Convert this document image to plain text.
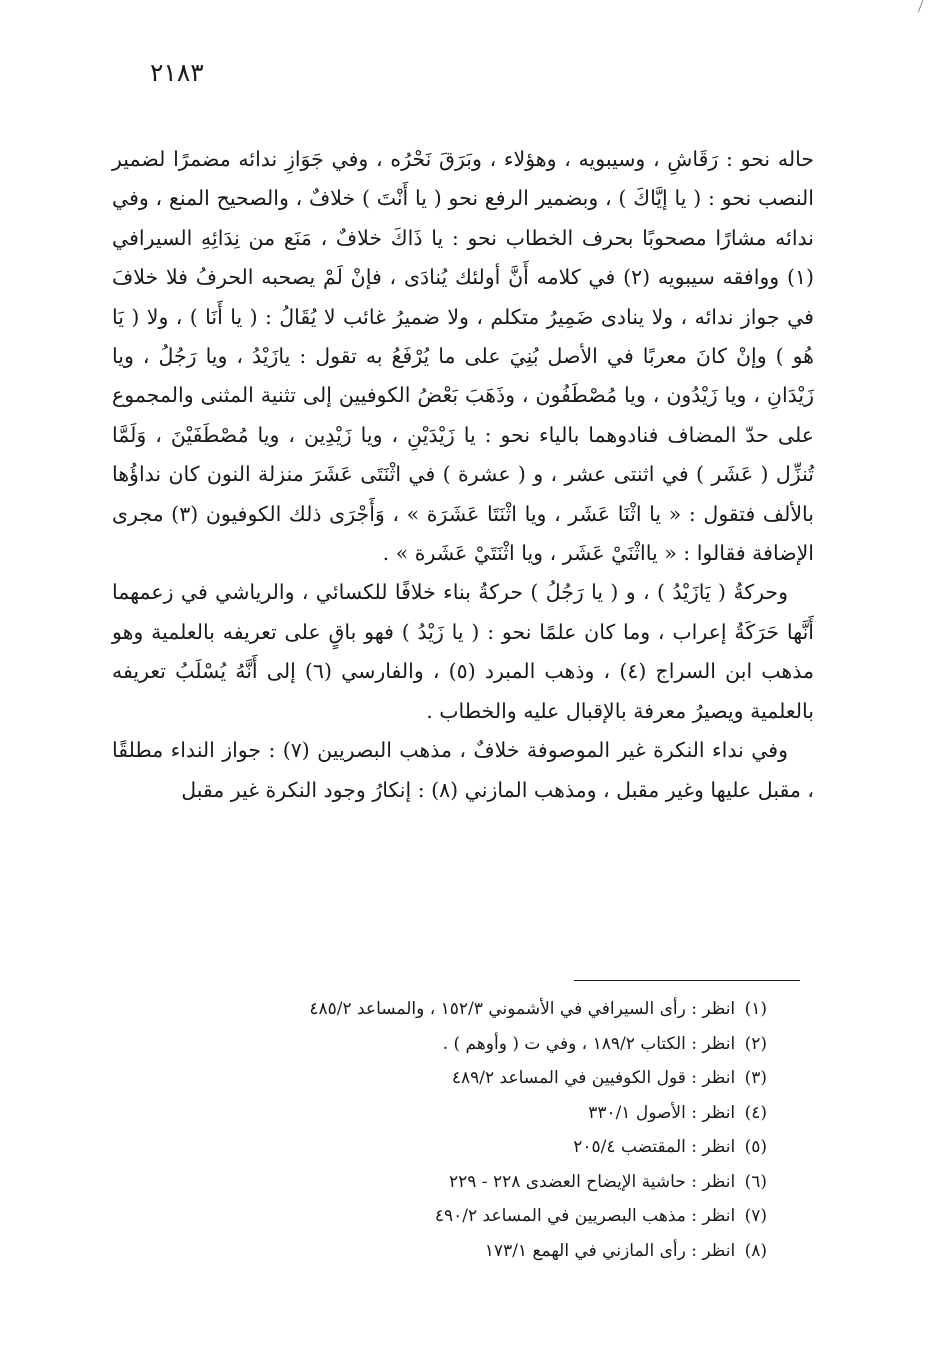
٢١٨٣

حاله نحو : رَقَاشِ ، وسيبويه ، وهؤلاء ، وبَرَقَ نَحْرُه ، وفي جَوَازِ ندائه مضمرًا لضمير النصب نحو : ( يا إيَّاكَ ) ، وبضمير الرفع نحو ( يا أَنْتَ ) خلافٌ ، والصحيح المنع ، وفي ندائه مشارًا مصحوبًا بحرف الخطاب نحو : يا ذَاكَ خلافٌ ، مَنَع من نِدَائِهِ السيرافي (١) ووافقه سيبويه (٢) في كلامه أَنَّ أولئك يُنادَى ، فإنْ لَمْ يصحبه الحرفُ فلا خلافَ في جواز ندائه ، ولا ينادى ضَمِيرُ متكلم ، ولا ضميرُ غائب لا يُقَالُ : ( يا أَنَا ) ، ولا ( يَا هُو ) وإنْ كانَ معربًا في الأصل بُنِيَ على ما يُرْفَعُ به تقول : يازَيْدُ ، ويا رَجُلُ ، ويا زَيْدَانِ ، ويا زَيْدُون ، ويا مُصْطَفُون ، وذَهَبَ بَعْضُ الكوفيين إلى تثنية المثنى والمجموع على حدّ المضاف فنادوهما بالياء نحو : يا زَيْدَيْنِ ، ويا زَيْدِين ، ويا مُصْطَفَيْنَ ، وَلَمَّا تُنزِّل ( عَشَر ) في اثنتى عشر ، و ( عشرة ) في اثْنَتَى عَشَرَ منزلة النون كان نداؤُها بالألف فتقول : « يا اثْنَا عَشَر ، ويا اثْنَتَا عَشَرَة » ، وَأَجْرَى ذلك الكوفيون (٣) مجرى الإضافة فقالوا : « يااثْنَيْ عَشَر ، ويا اثْنَتَيْ عَشَرة » .

وحركةُ ( يَازَيْدُ ) ، و ( يا رَجُلُ ) حركةُ بناء خلافًا للكسائي ، والرياشي في زعمهما أَنَّها حَرَكَةُ إعراب ، وما كان علمًا نحو : ( يا زَيْدُ ) فهو باقٍ على تعريفه بالعلمية وهو مذهب ابن السراج (٤) ، وذهب المبرد (٥) ، والفارسي (٦) إلى أَنَّهُ يُسْلَبُ تعريفه بالعلمية ويصيرُ معرفة بالإقبال عليه والخطاب .

وفي نداء النكرة غير الموصوفة خلافٌ ، مذهب البصريين (٧) : جواز النداء مطلقًا ، مقبل عليها وغير مقبل ، ومذهب المازني (٨) : إنكارُ وجود النكرة غير مقبل

(١) انظر : رأى السيرافي في الأشموني ١٥٢/٣ ، والمساعد ٤٨٥/٢
(٢) انظر : الكتاب ١٨٩/٢ ، وفي ت ( وأوهم ) .
(٣) انظر : قول الكوفيين في المساعد ٤٨٩/٢
(٤) انظر : الأصول ٣٣٠/١
(٥) انظر : المقتضب ٢٠٥/٤
(٦) انظر : حاشية الإيضاح العضدى ٢٢٨ - ٢٢٩
(٧) انظر : مذهب البصريين في المساعد ٤٩٠/٢
(٨) انظر : رأى المازني في الهمع ١٧٣/١
